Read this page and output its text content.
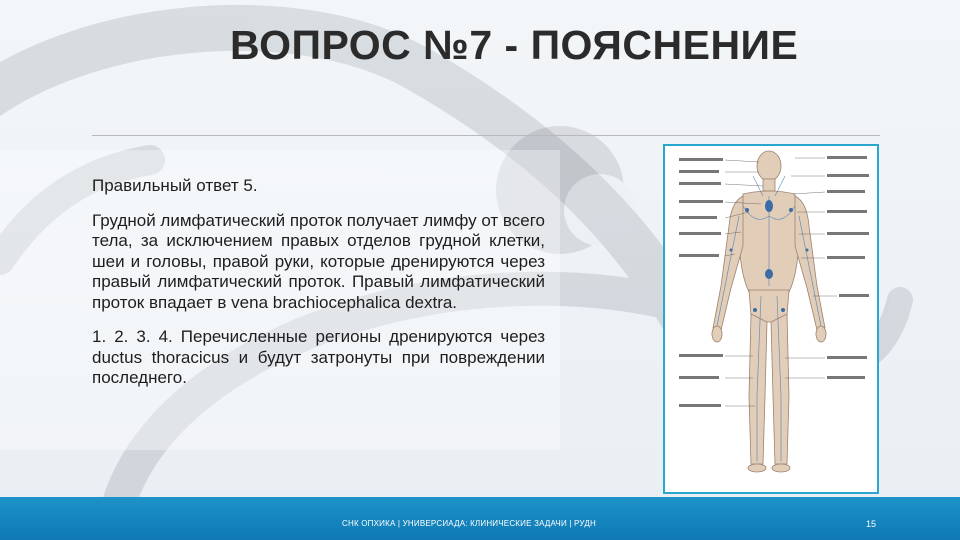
ВОПРОС №7 - ПОЯСНЕНИЕ

Правильный ответ 5.

Грудной лимфатический проток получает лимфу от всего тела, за исключением правых отделов грудной клетки, шеи и головы, правой руки, которые дренируются через правый лимфатический проток. Правый лимфатический проток впадает в vena brachiocephalica dextra.

1. 2. 3. 4. Перечисленные регионы дренируются через ductus thoracicus и будут затронуты при повреждении последнего.

СНК ОПХИКА | УНИВЕРСИАДА: КЛИНИЧЕСКИЕ ЗАДАЧИ | РУДН	15
